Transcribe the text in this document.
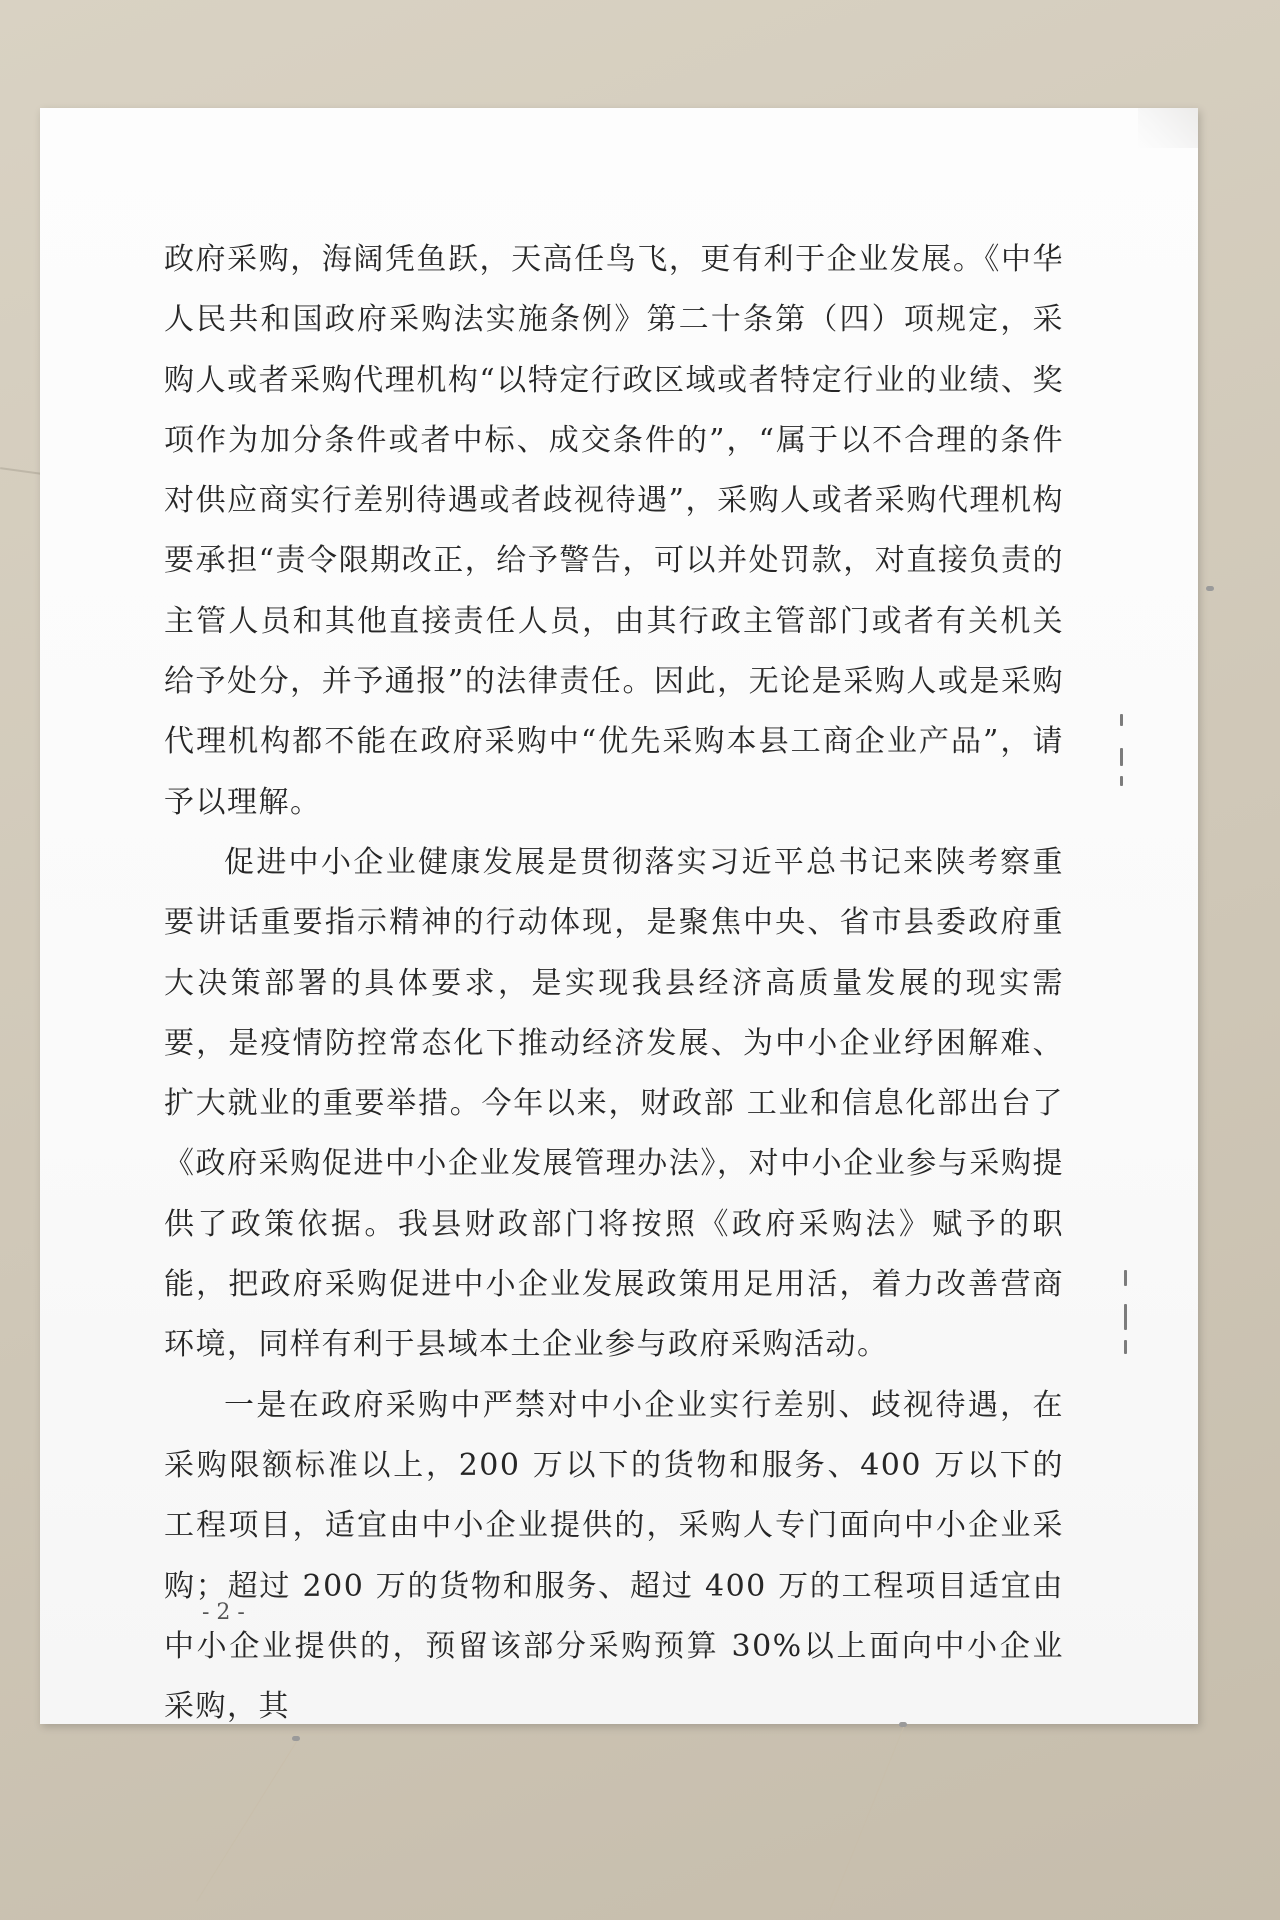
政府采购，海阔凭鱼跃，天高任鸟飞，更有利于企业发展。《中华人民共和国政府采购法实施条例》第二十条第（四）项规定，采购人或者采购代理机构“以特定行政区域或者特定行业的业绩、奖项作为加分条件或者中标、成交条件的”，“属于以不合理的条件对供应商实行差别待遇或者歧视待遇”，采购人或者采购代理机构要承担“责令限期改正，给予警告，可以并处罚款，对直接负责的主管人员和其他直接责任人员，由其行政主管部门或者有关机关给予处分，并予通报”的法律责任。因此，无论是采购人或是采购代理机构都不能在政府采购中“优先采购本县工商企业产品”，请予以理解。

促进中小企业健康发展是贯彻落实习近平总书记来陕考察重要讲话重要指示精神的行动体现，是聚焦中央、省市县委政府重大决策部署的具体要求，是实现我县经济高质量发展的现实需要，是疫情防控常态化下推动经济发展、为中小企业纾困解难、扩大就业的重要举措。今年以来，财政部 工业和信息化部出台了《政府采购促进中小企业发展管理办法》，对中小企业参与采购提供了政策依据。我县财政部门将按照《政府采购法》赋予的职能，把政府采购促进中小企业发展政策用足用活，着力改善营商环境，同样有利于县域本土企业参与政府采购活动。

一是在政府采购中严禁对中小企业实行差别、歧视待遇，在采购限额标准以上，200 万以下的货物和服务、400 万以下的工程项目，适宜由中小企业提供的，采购人专门面向中小企业采购；超过 200 万的货物和服务、超过 400 万的工程项目适宜由中小企业提供的，预留该部分采购预算 30%以上面向中小企业采购，其

- 2 -
